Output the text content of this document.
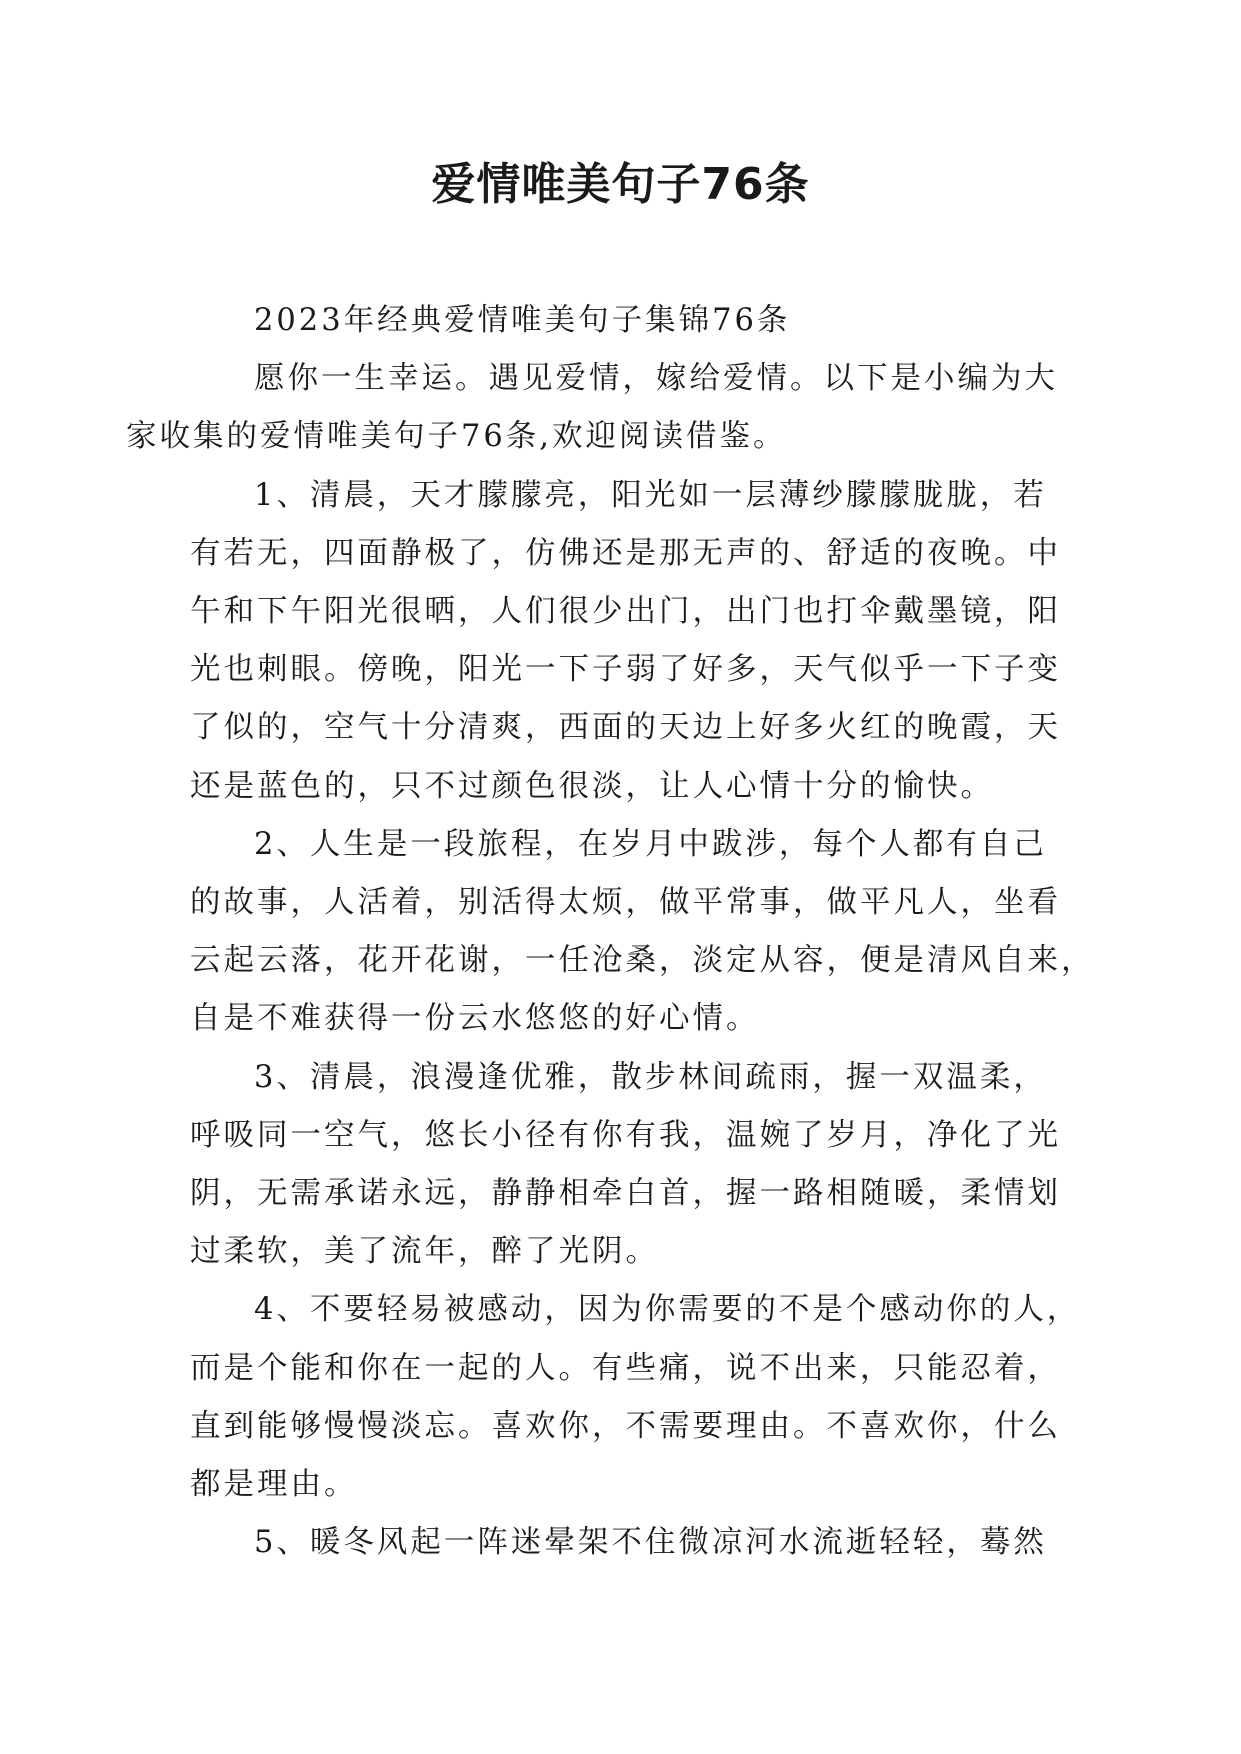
爱情唯美句子76条

2023年经典爱情唯美句子集锦76条

愿你一生幸运。遇见爱情，嫁给爱情。以下是小编为大
家收集的爱情唯美句子76条,欢迎阅读借鉴。

1、清晨，天才朦朦亮，阳光如一层薄纱朦朦胧胧，若
有若无，四面静极了，仿佛还是那无声的、舒适的夜晚。中
午和下午阳光很晒，人们很少出门，出门也打伞戴墨镜，阳
光也刺眼。傍晚，阳光一下子弱了好多，天气似乎一下子变
了似的，空气十分清爽，西面的天边上好多火红的晚霞，天
还是蓝色的，只不过颜色很淡，让人心情十分的愉快。

2、人生是一段旅程，在岁月中跋涉，每个人都有自己
的故事，人活着，别活得太烦，做平常事，做平凡人，坐看
云起云落，花开花谢，一任沧桑，淡定从容，便是清风自来，
自是不难获得一份云水悠悠的好心情。

3、清晨，浪漫逢优雅，散步林间疏雨，握一双温柔，
呼吸同一空气，悠长小径有你有我，温婉了岁月，净化了光
阴，无需承诺永远，静静相牵白首，握一路相随暖，柔情划
过柔软，美了流年，醉了光阴。

4、不要轻易被感动，因为你需要的不是个感动你的人，
而是个能和你在一起的人。有些痛，说不出来，只能忍着，
直到能够慢慢淡忘。喜欢你，不需要理由。不喜欢你，什么
都是理由。

5、暖冬风起一阵迷晕架不住微凉河水流逝轻轻，蓦然
